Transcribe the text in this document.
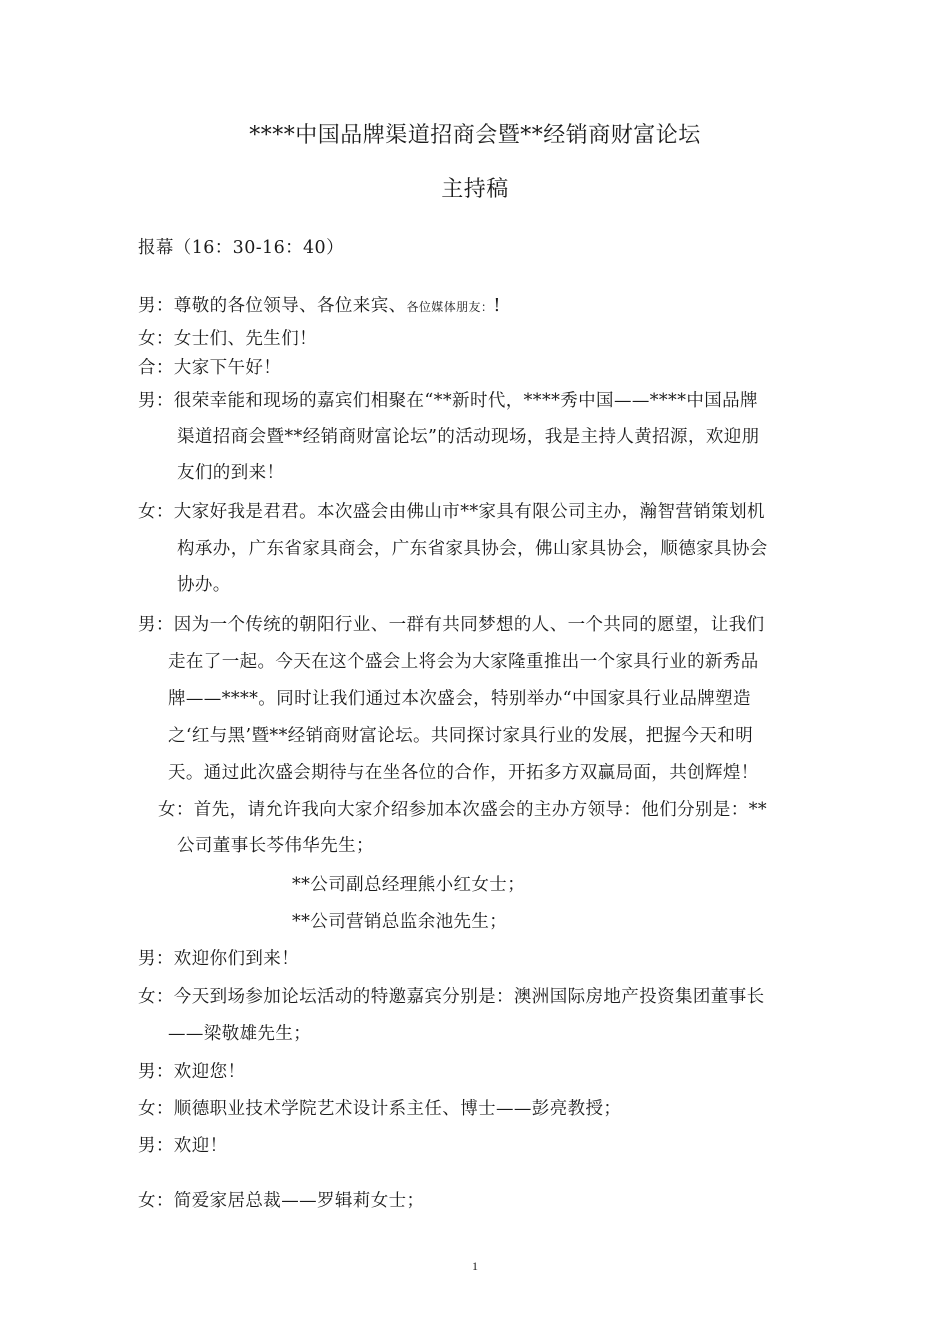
****中国品牌渠道招商会暨**经销商财富论坛
主持稿
报幕（16：30-16：40）
男：尊敬的各位领导、各位来宾、各位媒体朋友：!
女：女士们、先生们！
合：大家下午好！
男：很荣幸能和现场的嘉宾们相聚在“**新时代，****秀中国——****中国品牌
渠道招商会暨**经销商财富论坛”的活动现场，我是主持人黄招源，欢迎朋
友们的到来！
女：大家好我是君君。本次盛会由佛山市**家具有限公司主办，瀚智营销策划机
构承办，广东省家具商会，广东省家具协会，佛山家具协会，顺德家具协会
协办。
男：因为一个传统的朝阳行业、一群有共同梦想的人、一个共同的愿望，让我们
走在了一起。今天在这个盛会上将会为大家隆重推出一个家具行业的新秀品
牌——****。同时让我们通过本次盛会，特别举办“中国家具行业品牌塑造
之‘红与黑’暨**经销商财富论坛。共同探讨家具行业的发展，把握今天和明
天。通过此次盛会期待与在坐各位的合作，开拓多方双赢局面，共创辉煌！
女：首先，请允许我向大家介绍参加本次盛会的主办方领导：他们分别是：**
公司董事长芩伟华先生；
**公司副总经理熊小红女士；
**公司营销总监余池先生；
男：欢迎你们到来！
女：今天到场参加论坛活动的特邀嘉宾分别是：澳洲国际房地产投资集团董事长
——梁敬雄先生；
男：欢迎您！
女：顺德职业技术学院艺术设计系主任、博士——彭亮教授；
男：欢迎！
女：简爱家居总裁——罗辑莉女士；
1
